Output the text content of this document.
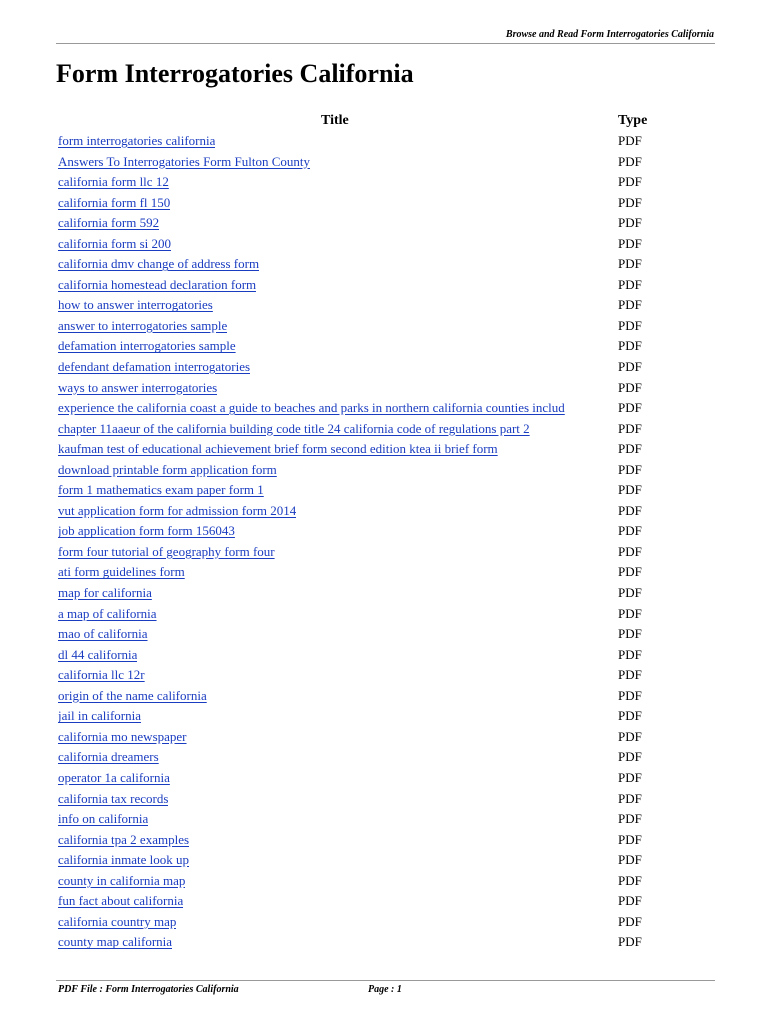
Browse and Read Form Interrogatories California
Form Interrogatories California
Title	Type
form interrogatories california	PDF
Answers To Interrogatories Form Fulton County	PDF
california form llc 12	PDF
california form fl 150	PDF
california form 592	PDF
california form si 200	PDF
california dmv change of address form	PDF
california homestead declaration form	PDF
how to answer interrogatories	PDF
answer to interrogatories sample	PDF
defamation interrogatories sample	PDF
defendant defamation interrogatories	PDF
ways to answer interrogatories	PDF
experience the california coast a guide to beaches and parks in northern california counties includ	PDF
chapter 11aaeur of the california building code title 24 california code of regulations part 2	PDF
kaufman test of educational achievement brief form second edition ktea ii brief form	PDF
download printable form application form	PDF
form 1 mathematics exam paper form 1	PDF
vut application form for admission form 2014	PDF
job application form form 156043	PDF
form four tutorial of geography form four	PDF
ati form guidelines form	PDF
map for california	PDF
a map of california	PDF
mao of california	PDF
dl 44 california	PDF
california llc 12r	PDF
origin of the name california	PDF
jail in california	PDF
california mo newspaper	PDF
california dreamers	PDF
operator 1a california	PDF
california tax records	PDF
info on california	PDF
california tpa 2 examples	PDF
california inmate look up	PDF
county in california map	PDF
fun fact about california	PDF
california country map	PDF
county map california	PDF
PDF File : Form Interrogatories California	Page : 1
